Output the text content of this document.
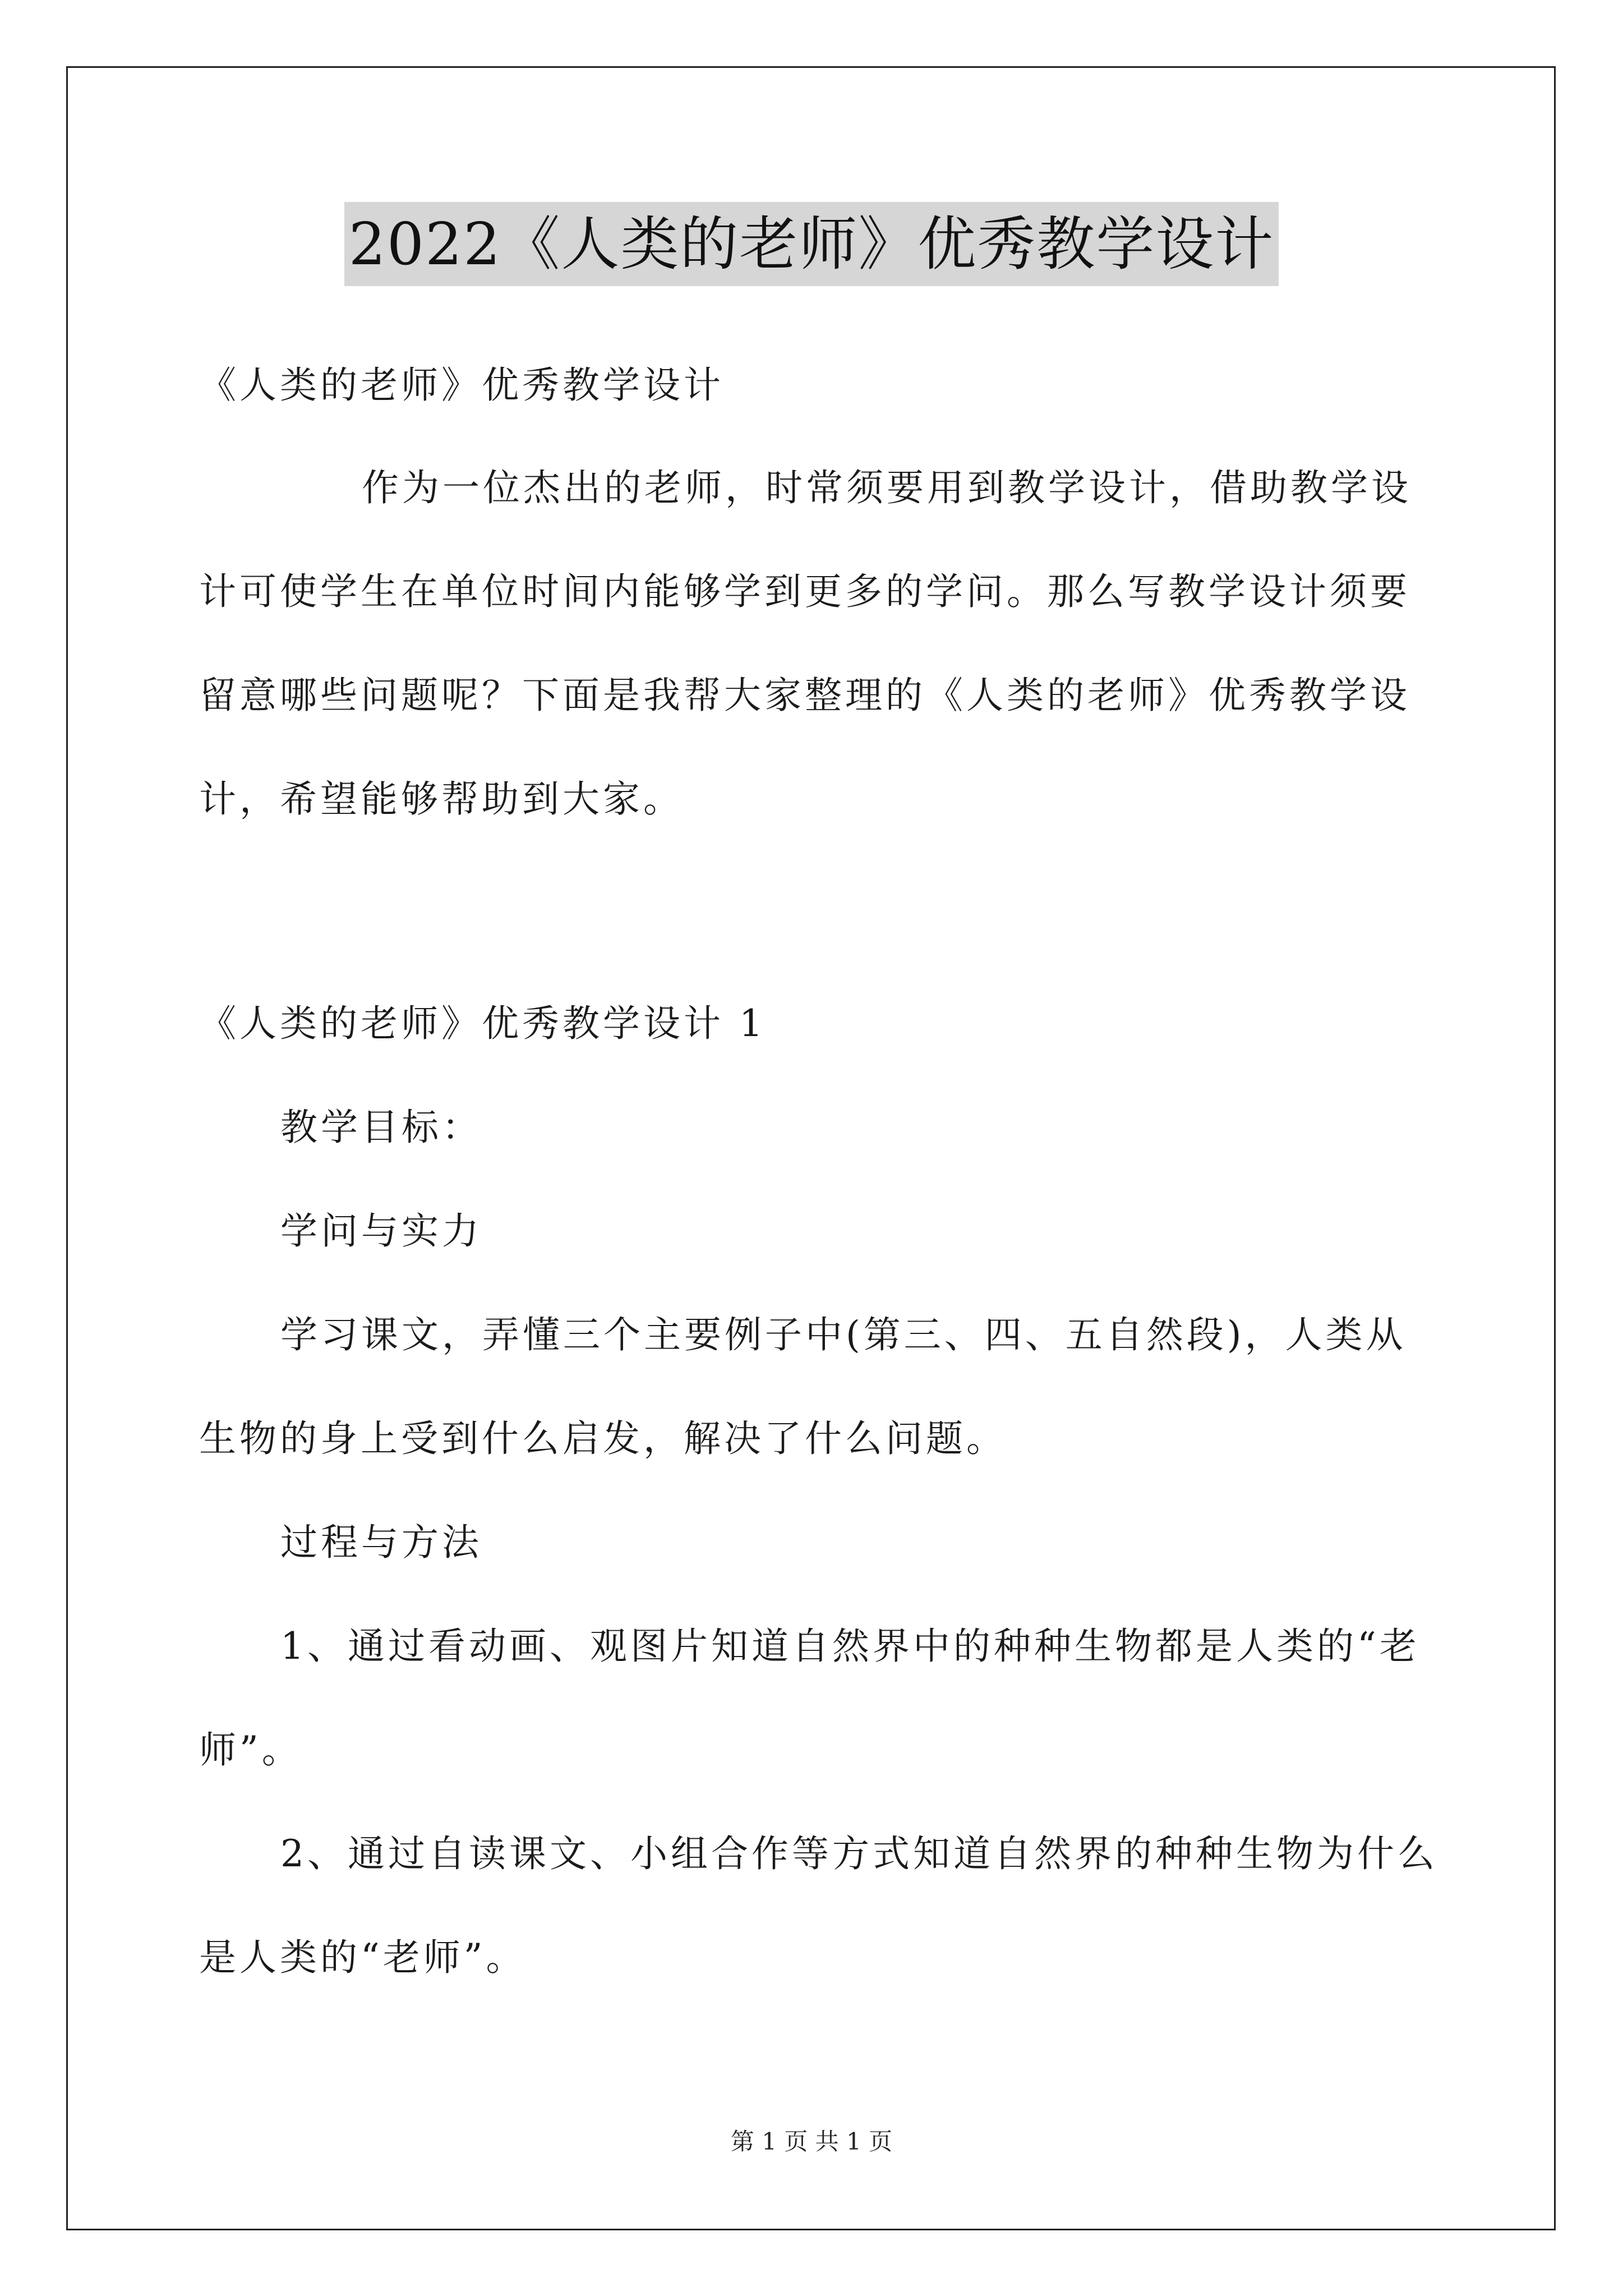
2022《人类的老师》优秀教学设计

《人类的老师》优秀教学设计

作为一位杰出的老师，时常须要用到教学设计，借助教学设

计可使学生在单位时间内能够学到更多的学问。那么写教学设计须要

留意哪些问题呢？下面是我帮大家整理的《人类的老师》优秀教学设

计，希望能够帮助到大家。

《人类的老师》优秀教学设计 1

教学目标：

学问与实力

学习课文，弄懂三个主要例子中(第三、四、五自然段)，人类从

生物的身上受到什么启发，解决了什么问题。

过程与方法

1、通过看动画、观图片知道自然界中的种种生物都是人类的“老

师”。

2、通过自读课文、小组合作等方式知道自然界的种种生物为什么

是人类的“老师”。

第 1 页 共 1 页
